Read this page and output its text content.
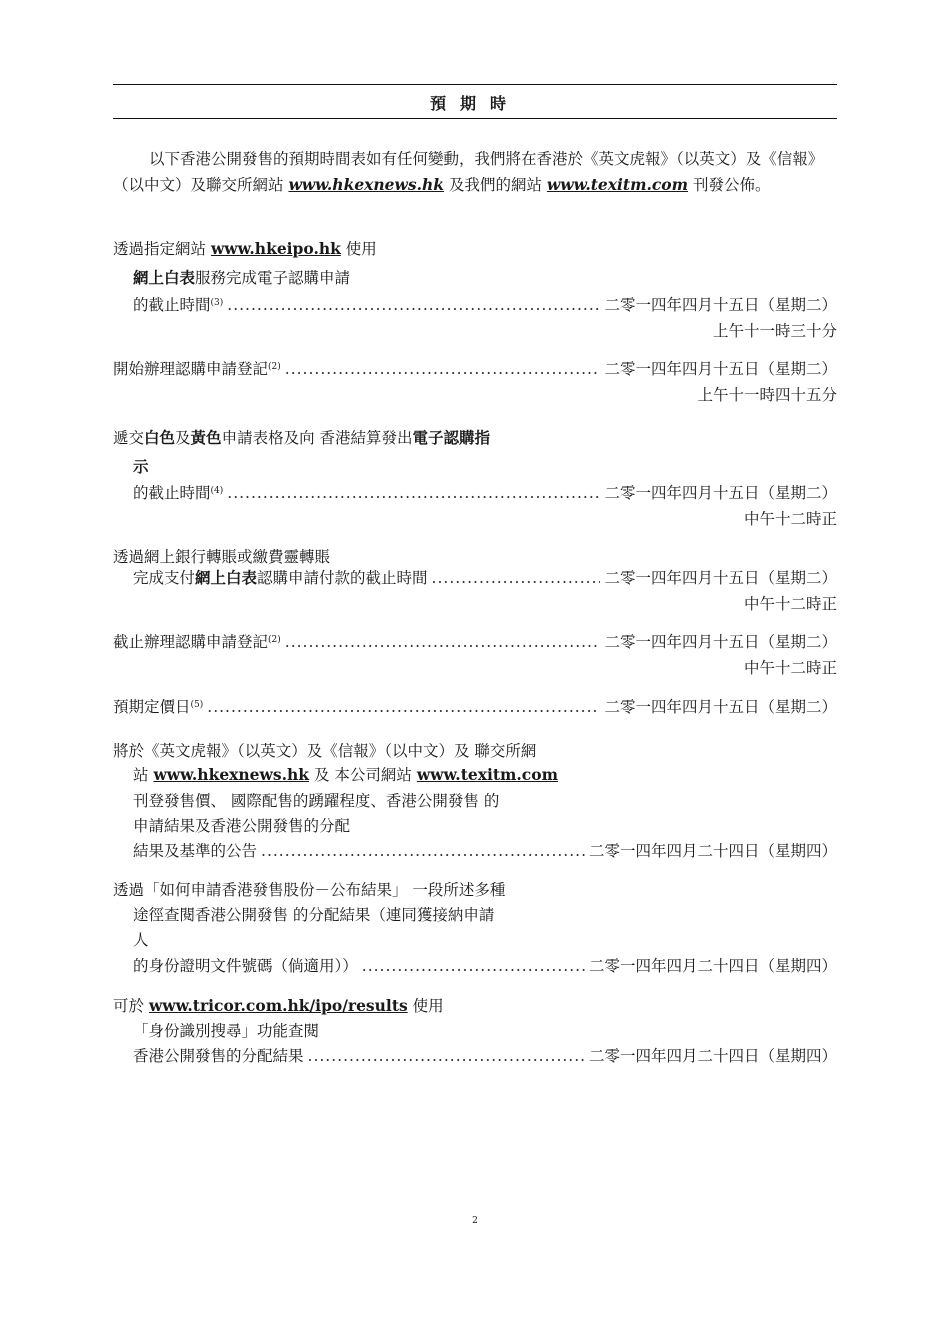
預期時
以下香港公開發售的預期時間表如有任何變動，我們將在香港於《英文虎報》（以英文）及《信報》（以中文）及聯交所網站 www.hkexnews.hk 及我們的網站 www.texitm.com 刊發公佈。
透過指定網站 www.hkeipo.hk 使用
網上白表服務完成電子認購申請
的截止時間$^{(3)}$ .....	二零一四年四月十五日（星期二）
上午十一時三十分
開始辦理認購申請登記$^{(2)}$ .....	二零一四年四月十五日（星期二）
上午十一時四十五分
遞交白色及黃色申請表格及向 香港結算發出電子認購指
示
的截止時間$^{(4)}$ .....	二零一四年四月十五日（星期二）
中午十二時正
透過網上銀行轉賬或繳費靈轉賬
完成支付網上白表認購申請付款的截止時間 .....	二零一四年四月十五日（星期二）
中午十二時正
截止辦理認購申請登記$^{(2)}$ .....	二零一四年四月十五日（星期二）
中午十二時正
預期定價日$^{(5)}$ .....	二零一四年四月十五日（星期二）
將於《英文虎報》（以英文）及《信報》（以中文）及 聯交所網
站 www.hkexnews.hk 及 本公司網站 www.texitm.com
刊登發售價、 國際配售的踴躍程度、香港公開發售 的
申請結果及香港公開發售的分配
結果及基準的公告 .....	二零一四年四月二十四日（星期四）
透過「如何申請香港發售股份－公布結果」 一段所述多種
途徑查閱香港公開發售 的分配結果（連同獲接納申請
人
的身份證明文件號碼（倘適用）） .....	二零一四年四月二十四日（星期四）
可於 www.tricor.com.hk/ipo/results 使用
「身份識別搜尋」功能查閱
香港公開發售的分配結果 .....	二零一四年四月二十四日（星期四）
2
